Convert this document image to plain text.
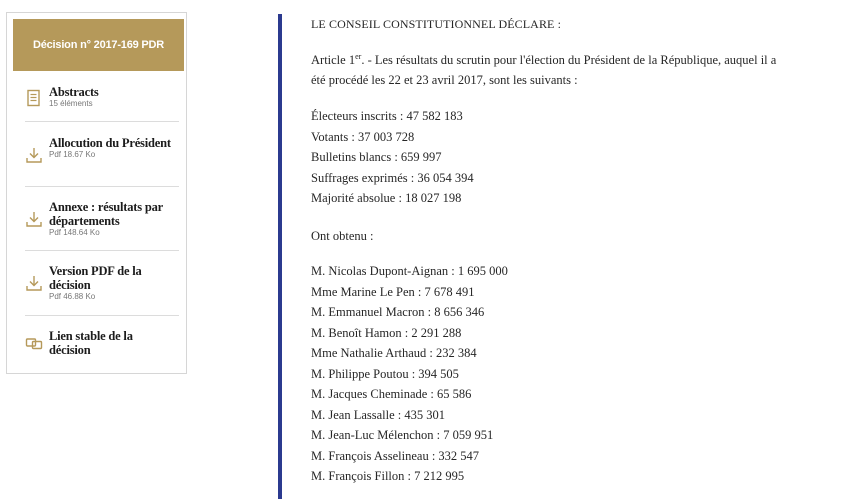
Décision n° 2017-169 PDR
Abstracts
15 éléments
Allocution du Président
Pdf 18.67 Ko
Annexe : résultats par départements
Pdf 148.64 Ko
Version PDF de la décision
Pdf 46.88 Ko
Lien stable de la décision
LE CONSEIL CONSTITUTIONNEL DÉCLARE :
Article 1er. - Les résultats du scrutin pour l'élection du Président de la République, auquel il a
été procédé les 22 et 23 avril 2017, sont les suivants :
Électeurs inscrits : 47 582 183
Votants : 37 003 728
Bulletins blancs : 659 997
Suffrages exprimés : 36 054 394
Majorité absolue : 18 027 198
Ont obtenu :
M. Nicolas Dupont-Aignan : 1 695 000
Mme Marine Le Pen : 7 678 491
M. Emmanuel Macron : 8 656 346
M. Benoît Hamon : 2 291 288
Mme Nathalie Arthaud : 232 384
M. Philippe Poutou : 394 505
M. Jacques Cheminade : 65 586
M. Jean Lassalle : 435 301
M. Jean-Luc Mélenchon : 7 059 951
M. François Asselineau : 332 547
M. François Fillon : 7 212 995
